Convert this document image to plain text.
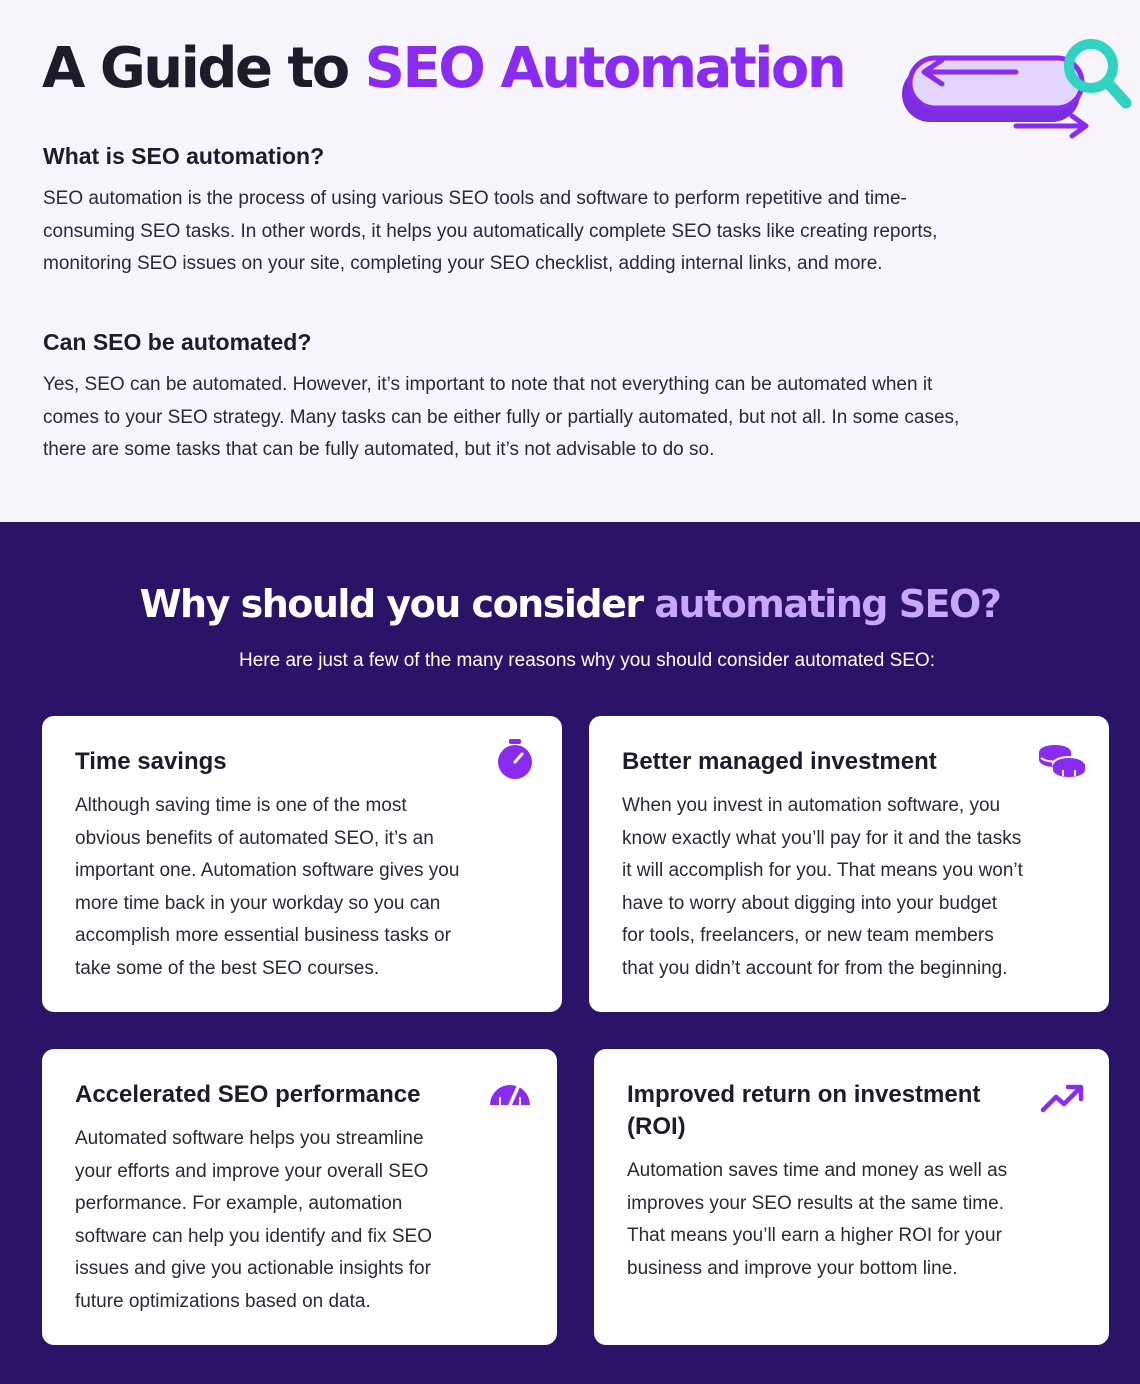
A Guide to SEO Automation
What is SEO automation?
SEO automation is the process of using various SEO tools and software to perform repetitive and time-
consuming SEO tasks. In other words, it helps you automatically complete SEO tasks like creating reports,
monitoring SEO issues on your site, completing your SEO checklist, adding internal links, and more.
Can SEO be automated?
Yes, SEO can be automated. However, it’s important to note that not everything can be automated when it
comes to your SEO strategy. Many tasks can be either fully or partially automated, but not all. In some cases,
there are some tasks that can be fully automated, but it’s not advisable to do so.
Why should you consider automating SEO?
Here are just a few of the many reasons why you should consider automated SEO:
Time savings
Although saving time is one of the most
obvious benefits of automated SEO, it’s an
important one. Automation software gives you
more time back in your workday so you can
accomplish more essential business tasks or
take some of the best SEO courses.
Better managed investment
When you invest in automation software, you
know exactly what you’ll pay for it and the tasks
it will accomplish for you. That means you won’t
have to worry about digging into your budget
for tools, freelancers, or new team members
that you didn’t account for from the beginning.
Accelerated SEO performance
Automated software helps you streamline
your efforts and improve your overall SEO
performance. For example, automation
software can help you identify and fix SEO
issues and give you actionable insights for
future optimizations based on data.
Improved return on investment
(ROI)
Automation saves time and money as well as
improves your SEO results at the same time.
That means you’ll earn a higher ROI for your
business and improve your bottom line.
